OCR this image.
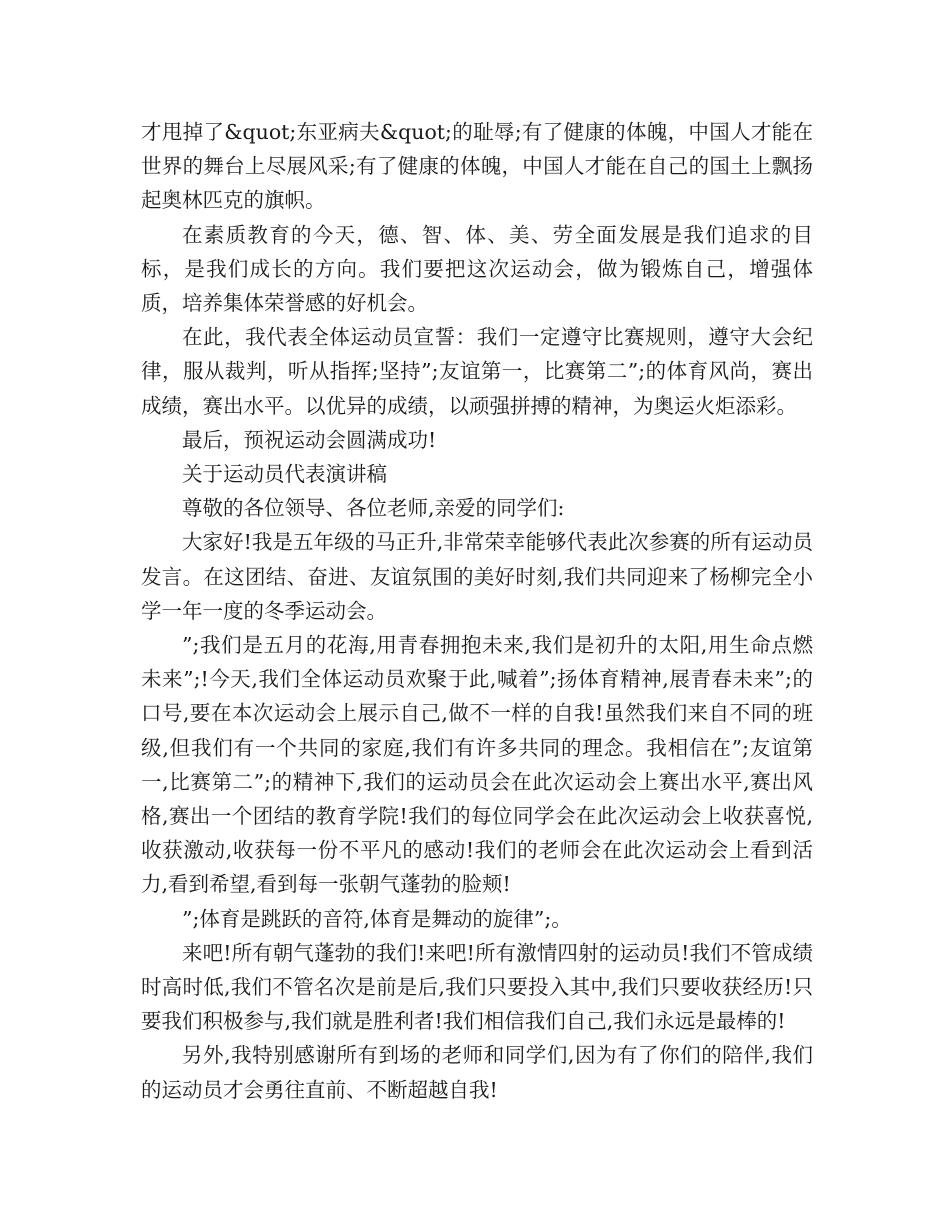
才甩掉了&quot;东亚病夫&quot;的耻辱;有了健康的体魄，中国人才能在世界的舞台上尽展风采;有了健康的体魄，中国人才能在自己的国土上飘扬起奥林匹克的旗帜。

在素质教育的今天，德、智、体、美、劳全面发展是我们追求的目标，是我们成长的方向。我们要把这次运动会，做为锻炼自己，增强体质，培养集体荣誉感的好机会。

在此，我代表全体运动员宣誓：我们一定遵守比赛规则，遵守大会纪律，服从裁判，听从指挥;坚持”;友谊第一，比赛第二”;的体育风尚，赛出成绩，赛出水平。以优异的成绩，以顽强拼搏的精神，为奥运火炬添彩。

最后，预祝运动会圆满成功!

关于运动员代表演讲稿

尊敬的各位领导、各位老师,亲爱的同学们:

大家好!我是五年级的马正升,非常荣幸能够代表此次参赛的所有运动员发言。在这团结、奋进、友谊氛围的美好时刻,我们共同迎来了杨柳完全小学一年一度的冬季运动会。

”;我们是五月的花海,用青春拥抱未来,我们是初升的太阳,用生命点燃未来”;!今天,我们全体运动员欢聚于此,喊着”;扬体育精神,展青春未来”;的口号,要在本次运动会上展示自己,做不一样的自我!虽然我们来自不同的班级,但我们有一个共同的家庭,我们有许多共同的理念。我相信在”;友谊第一,比赛第二”;的精神下,我们的运动员会在此次运动会上赛出水平,赛出风格,赛出一个团结的教育学院!我们的每位同学会在此次运动会上收获喜悦,收获激动,收获每一份不平凡的感动!我们的老师会在此次运动会上看到活力,看到希望,看到每一张朝气蓬勃的脸颊!

”;体育是跳跃的音符,体育是舞动的旋律”;。

来吧!所有朝气蓬勃的我们!来吧!所有激情四射的运动员!我们不管成绩时高时低,我们不管名次是前是后,我们只要投入其中,我们只要收获经历!只要我们积极参与,我们就是胜利者!我们相信我们自己,我们永远是最棒的!

另外,我特别感谢所有到场的老师和同学们,因为有了你们的陪伴,我们的运动员才会勇往直前、不断超越自我!
